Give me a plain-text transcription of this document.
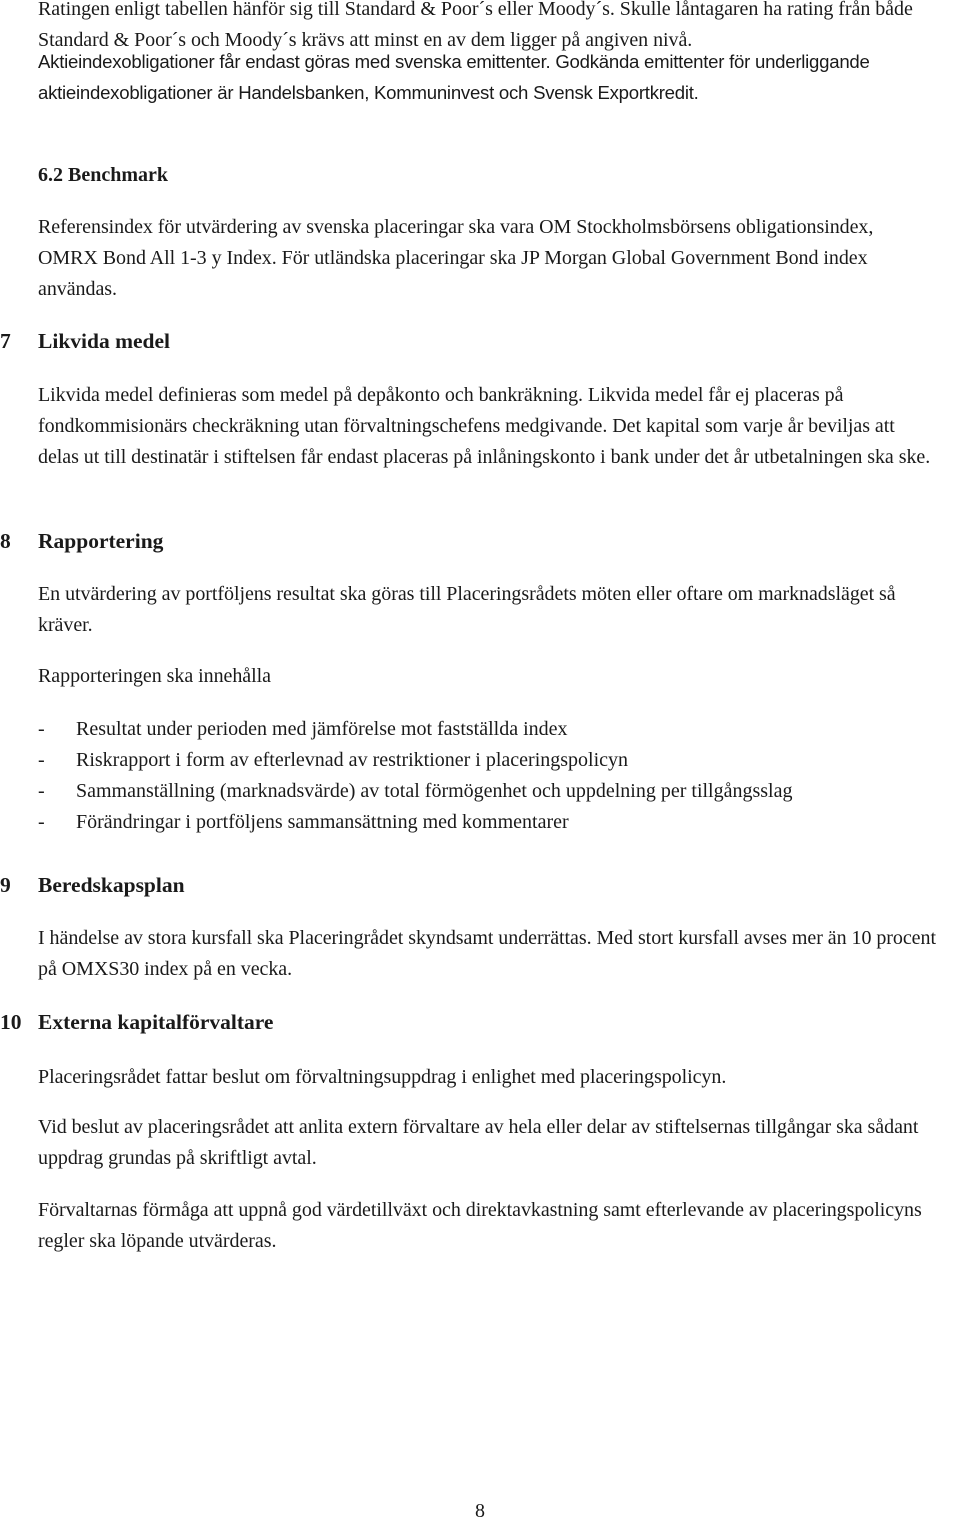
Ratingen enligt tabellen hänför sig till Standard & Poor´s eller Moody´s. Skulle låntagaren ha rating från både Standard & Poor´s och Moody´s krävs att minst en av dem ligger på angiven nivå.

Aktieindexobligationer får endast göras med svenska emittenter. Godkända emittenter för underliggande aktieindexobligationer är Handelsbanken, Kommuninvest och Svensk Exportkredit.

6.2 Benchmark

Referensindex för utvärdering av svenska placeringar ska vara OM Stockholmsbörsens obligationsindex, OMRX Bond All 1-3 y Index. För utländska placeringar ska JP Morgan Global Government Bond index användas.

7 Likvida medel

Likvida medel definieras som medel på depåkonto och bankräkning. Likvida medel får ej placeras på fondkommisionärs checkräkning utan förvaltningschefens medgivande. Det kapital som varje år beviljas att delas ut till destinatär i stiftelsen får endast placeras på inlåningskonto i bank under det år utbetalningen ska ske.

8 Rapportering

En utvärdering av portföljens resultat ska göras till Placeringsrådets möten eller oftare om marknadsläget så kräver.

Rapporteringen ska innehålla

- Resultat under perioden med jämförelse mot fastställda index
- Riskrapport i form av efterlevnad av restriktioner i placeringspolicyn
- Sammanställning (marknadsvärde) av total förmögenhet och uppdelning per tillgångsslag
- Förändringar i portföljens sammansättning med kommentarer

9 Beredskapsplan

I händelse av stora kursfall ska Placeringrådet skyndsamt underrättas. Med stort kursfall avses mer än 10 procent på OMXS30 index på en vecka.

10 Externa kapitalförvaltare

Placeringsrådet fattar beslut om förvaltningsuppdrag i enlighet med placeringspolicyn.

Vid beslut av placeringsrådet att anlita extern förvaltare av hela eller delar av stiftelsernas tillgångar ska sådant uppdrag grundas på skriftligt avtal.

Förvaltarnas förmåga att uppnå god värdetillväxt och direktavkastning samt efterlevande av placeringspolicyns regler ska löpande utvärderas.

8
